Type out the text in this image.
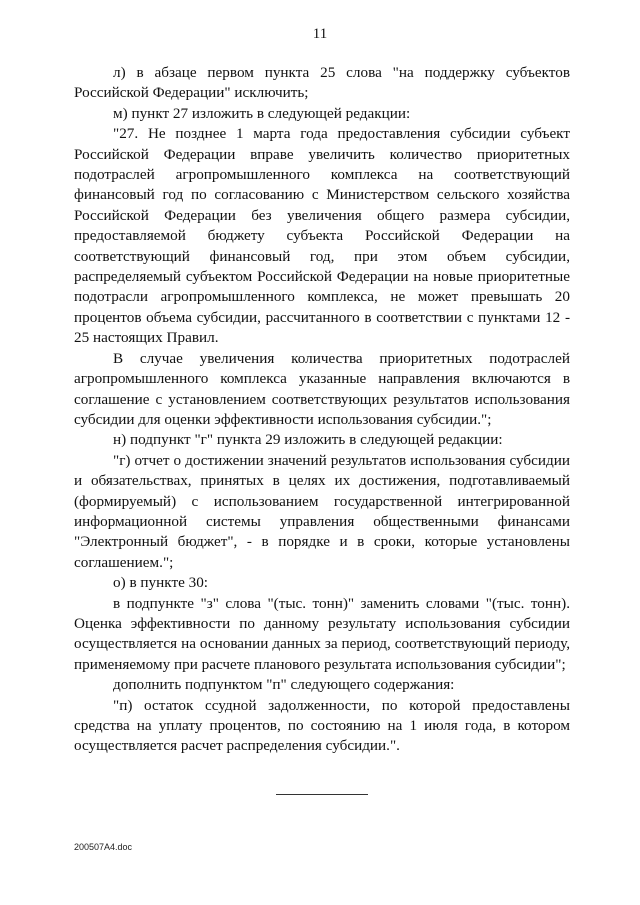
11

л) в абзаце первом пункта 25 слова "на поддержку субъектов Российской Федерации" исключить;

м) пункт 27 изложить в следующей редакции:

"27. Не позднее 1 марта года предоставления субсидии субъект Российской Федерации вправе увеличить количество приоритетных подотраслей агропромышленного комплекса на соответствующий финансовый год по согласованию с Министерством сельского хозяйства Российской Федерации без увеличения общего размера субсидии, предоставляемой бюджету субъекта Российской Федерации на соответствующий финансовый год, при этом объем субсидии, распределяемый субъектом Российской Федерации на новые приоритетные подотрасли агропромышленного комплекса, не может превышать 20 процентов объема субсидии, рассчитанного в соответствии с пунктами 12 - 25 настоящих Правил.

В случае увеличения количества приоритетных подотраслей агропромышленного комплекса указанные направления включаются в соглашение с установлением соответствующих результатов использования субсидии для оценки эффективности использования субсидии.";

н) подпункт "г" пункта 29 изложить в следующей редакции:

"г) отчет о достижении значений результатов использования субсидии и обязательствах, принятых в целях их достижения, подготавливаемый (формируемый) с использованием государственной интегрированной информационной системы управления общественными финансами "Электронный бюджет", - в порядке и в сроки, которые установлены соглашением.";

о) в пункте 30:

в подпункте "з" слова "(тыс. тонн)" заменить словами "(тыс. тонн). Оценка эффективности по данному результату использования субсидии осуществляется на основании данных за период, соответствующий периоду, применяемому при расчете планового результата использования субсидии";

дополнить подпунктом "п" следующего содержания:

"п) остаток ссудной задолженности, по которой предоставлены средства на уплату процентов, по состоянию на 1 июля года, в котором осуществляется расчет распределения субсидии.".

200507А4.doc
